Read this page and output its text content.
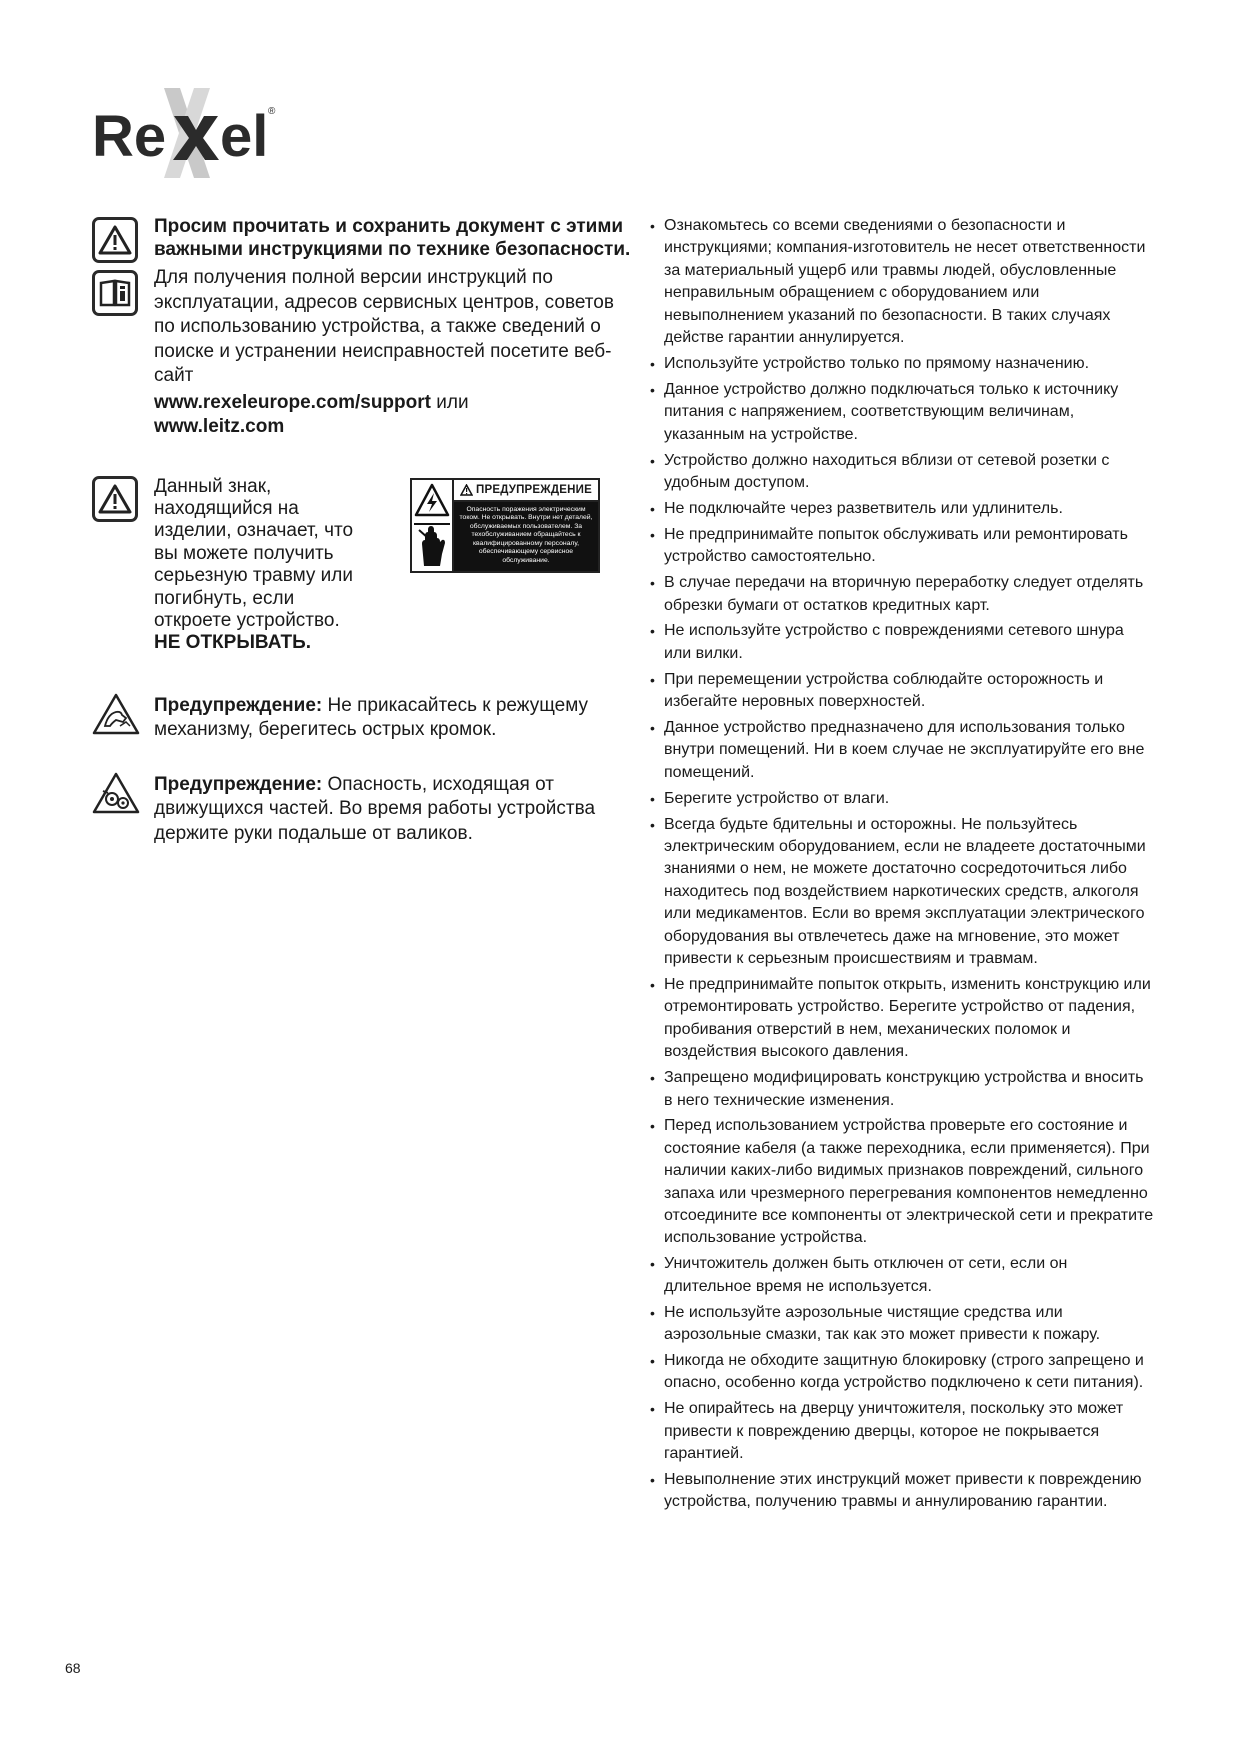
Re el ®
Просим прочитать и сохранить документ с этими важными инструкциями по технике безопасности.
Для получения полной версии инструкций по эксплуатации, адресов сервисных центров, советов по использованию устройства, а также сведений о поиске и устранении неисправностей посетите веб-сайт
www.rexeleurope.com/support или
www.leitz.com
Данный знак, находящийся на изделии, означает, что вы можете получить серьезную травму или погибнуть, если откроете устройство.
НЕ ОТКРЫВАТЬ.
ПРЕДУПРЕЖДЕНИЕ
Опасность поражения электрическим током. Не открывать. Внутри нет деталей, обслуживаемых пользователем. За техобслуживанием обращайтесь к квалифицированному персоналу, обеспечивающему сервисное обслуживание.
Предупреждение: Не прикасайтесь к режущему механизму, берегитесь острых кромок.
Предупреждение: Опасность, исходящая от движущихся частей. Во время работы устройства держите руки подальше от валиков.
• Ознакомьтесь со всеми сведениями о безопасности и инструкциями; компания-изготовитель не несет ответственности за материальный ущерб или травмы людей, обусловленные неправильным обращением с оборудованием или невыполнением указаний по безопасности. В таких случаях действе гарантии аннулируется.
• Используйте устройство только по прямому назначению.
• Данное устройство должно подключаться только к источнику питания с напряжением, соответствующим величинам, указанным на устройстве.
• Устройство должно находиться вблизи от сетевой розетки с удобным доступом.
• Не подключайте через разветвитель или удлинитель.
• Не предпринимайте попыток обслуживать или ремонтировать устройство самостоятельно.
• В случае передачи на вторичную переработку следует отделять обрезки бумаги от остатков кредитных карт.
• Не используйте устройство с повреждениями сетевого шнура или вилки.
• При перемещении устройства соблюдайте осторожность и избегайте неровных поверхностей.
• Данное устройство предназначено для использования только внутри помещений. Ни в коем случае не эксплуатируйте его вне помещений.
• Берегите устройство от влаги.
• Всегда будьте бдительны и осторожны. Не пользуйтесь электрическим оборудованием, если не владеете достаточными знаниями о нем, не можете достаточно сосредоточиться либо находитесь под воздействием наркотических средств, алкоголя или медикаментов. Если во время эксплуатации электрического оборудования вы отвлечетесь даже на мгновение, это может привести к серьезным происшествиям и травмам.
• Не предпринимайте попыток открыть, изменить конструкцию или отремонтировать устройство. Берегите устройство от падения, пробивания отверстий в нем, механических поломок и воздействия высокого давления.
• Запрещено модифицировать конструкцию устройства и вносить в него технические изменения.
• Перед использованием устройства проверьте его состояние и состояние кабеля (а также переходника, если применяется). При наличии каких-либо видимых признаков повреждений, сильного запаха или чрезмерного перегревания компонентов немедленно отсоедините все компоненты от электрической сети и прекратите использование устройства.
• Уничтожитель должен быть отключен от сети, если он длительное время не используется.
• Не используйте аэрозольные чистящие средства или аэрозольные смазки, так как это может привести к пожару.
• Никогда не обходите защитную блокировку (строго запрещено и опасно, особенно когда устройство подключено к сети питания).
• Не опирайтесь на дверцу уничтожителя, поскольку это может привести к повреждению дверцы, которое не покрывается гарантией.
• Невыполнение этих инструкций может привести к повреждению устройства, получению травмы и аннулированию гарантии.
68
